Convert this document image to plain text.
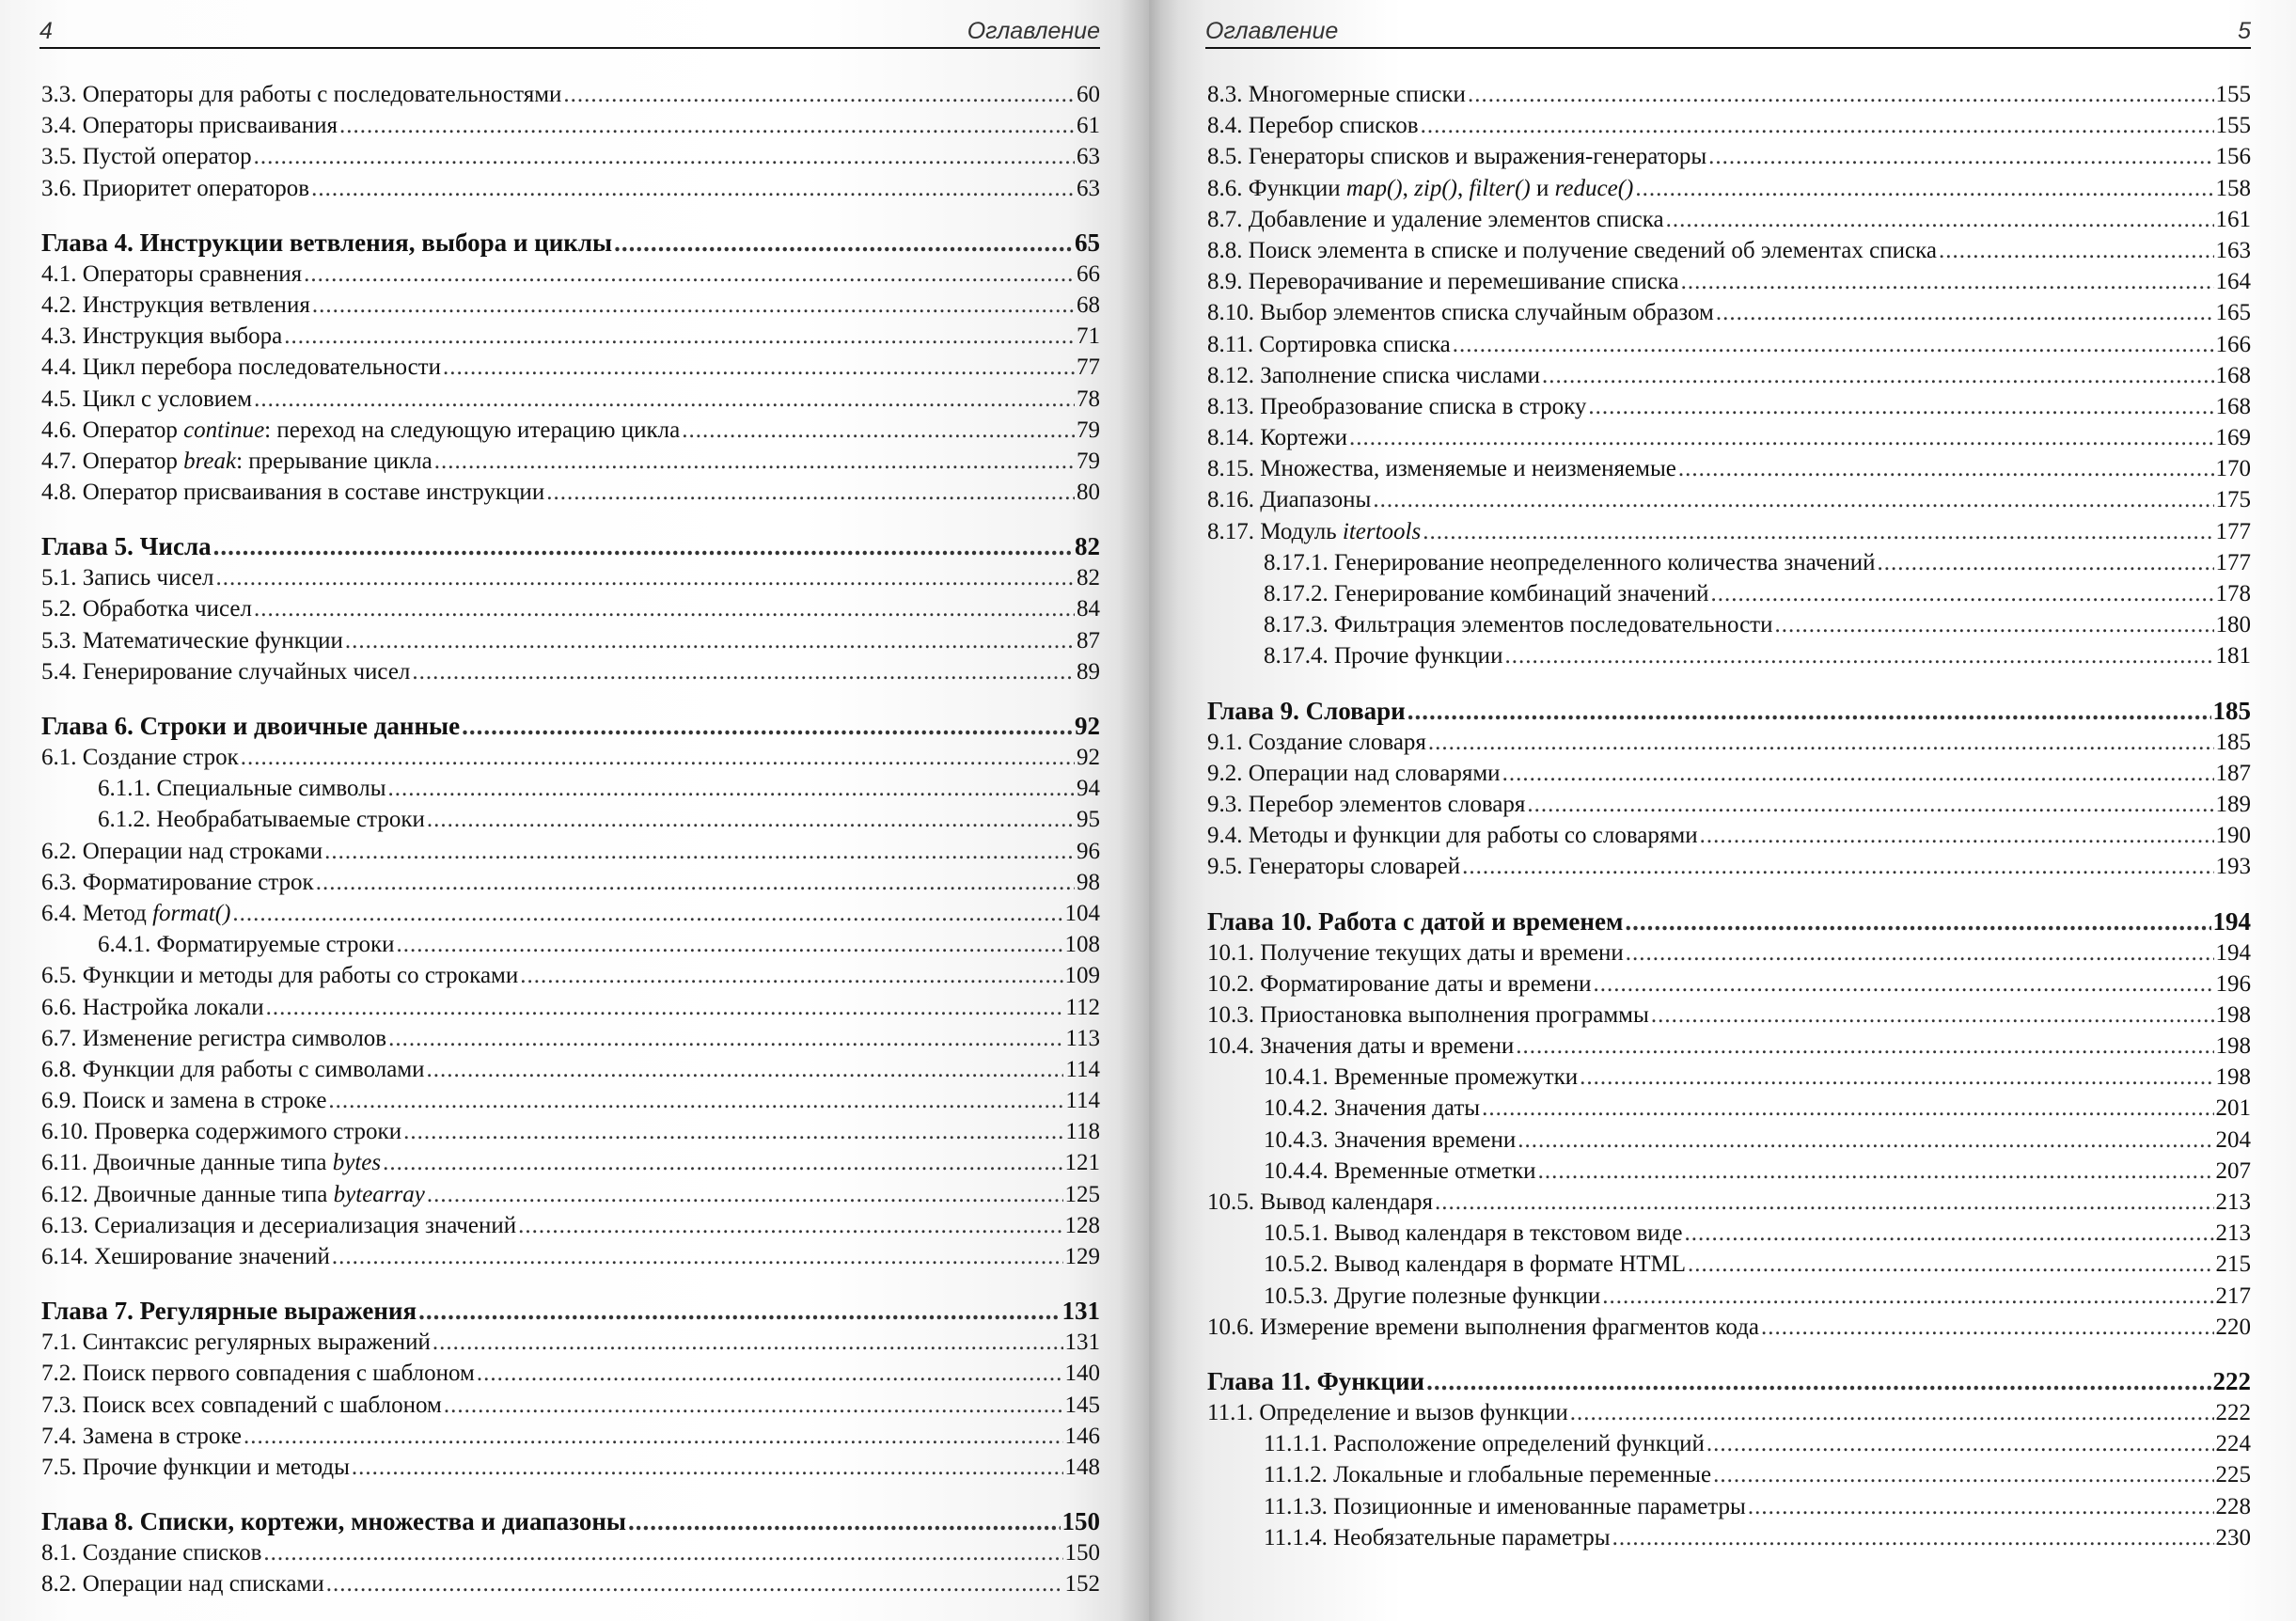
4	Оглавление
3.3. Операторы для работы с последовательностями .....	60
3.4. Операторы присваивания .....	61
3.5. Пустой оператор .....	63
3.6. Приоритет операторов .....	63
Глава 4. Инструкции ветвления, выбора и циклы .....	65
4.1. Операторы сравнения .....	66
4.2. Инструкция ветвления .....	68
4.3. Инструкция выбора .....	71
4.4. Цикл перебора последовательности .....	77
4.5. Цикл с условием .....	78
4.6. Оператор continue: переход на следующую итерацию цикла .....	79
4.7. Оператор break: прерывание цикла .....	79
4.8. Оператор присваивания в составе инструкции .....	80
Глава 5. Числа .....	82
5.1. Запись чисел .....	82
5.2. Обработка чисел .....	84
5.3. Математические функции .....	87
5.4. Генерирование случайных чисел .....	89
Глава 6. Строки и двоичные данные .....	92
6.1. Создание строк .....	92
6.1.1. Специальные символы .....	94
6.1.2. Необрабатываемые строки .....	95
6.2. Операции над строками .....	96
6.3. Форматирование строк .....	98
6.4. Метод format() .....	104
6.4.1. Форматируемые строки .....	108
6.5. Функции и методы для работы со строками .....	109
6.6. Настройка локали .....	112
6.7. Изменение регистра символов .....	113
6.8. Функции для работы с символами .....	114
6.9. Поиск и замена в строке .....	114
6.10. Проверка содержимого строки .....	118
6.11. Двоичные данные типа bytes .....	121
6.12. Двоичные данные типа bytearray .....	125
6.13. Сериализация и десериализация значений .....	128
6.14. Хеширование значений .....	129
Глава 7. Регулярные выражения .....	131
7.1. Синтаксис регулярных выражений .....	131
7.2. Поиск первого совпадения с шаблоном .....	140
7.3. Поиск всех совпадений с шаблоном .....	145
7.4. Замена в строке .....	146
7.5. Прочие функции и методы .....	148
Глава 8. Списки, кортежи, множества и диапазоны .....	150
8.1. Создание списков .....	150
8.2. Операции над списками .....	152
Оглавление	5
8.3. Многомерные списки .....	155
8.4. Перебор списков .....	155
8.5. Генераторы списков и выражения-генераторы .....	156
8.6. Функции map(), zip(), filter() и reduce() .....	158
8.7. Добавление и удаление элементов списка .....	161
8.8. Поиск элемента в списке и получение сведений об элементах списка .....	163
8.9. Переворачивание и перемешивание списка .....	164
8.10. Выбор элементов списка случайным образом .....	165
8.11. Сортировка списка .....	166
8.12. Заполнение списка числами .....	168
8.13. Преобразование списка в строку .....	168
8.14. Кортежи .....	169
8.15. Множества, изменяемые и неизменяемые .....	170
8.16. Диапазоны .....	175
8.17. Модуль itertools .....	177
8.17.1. Генерирование неопределенного количества значений .....	177
8.17.2. Генерирование комбинаций значений .....	178
8.17.3. Фильтрация элементов последовательности .....	180
8.17.4. Прочие функции .....	181
Глава 9. Словари .....	185
9.1. Создание словаря .....	185
9.2. Операции над словарями .....	187
9.3. Перебор элементов словаря .....	189
9.4. Методы и функции для работы со словарями .....	190
9.5. Генераторы словарей .....	193
Глава 10. Работа с датой и временем .....	194
10.1. Получение текущих даты и времени .....	194
10.2. Форматирование даты и времени .....	196
10.3. Приостановка выполнения программы .....	198
10.4. Значения даты и времени .....	198
10.4.1. Временные промежутки .....	198
10.4.2. Значения даты .....	201
10.4.3. Значения времени .....	204
10.4.4. Временные отметки .....	207
10.5. Вывод календаря .....	213
10.5.1. Вывод календаря в текстовом виде .....	213
10.5.2. Вывод календаря в формате HTML .....	215
10.5.3. Другие полезные функции .....	217
10.6. Измерение времени выполнения фрагментов кода .....	220
Глава 11. Функции .....	222
11.1. Определение и вызов функции .....	222
11.1.1. Расположение определений функций .....	224
11.1.2. Локальные и глобальные переменные .....	225
11.1.3. Позиционные и именованные параметры .....	228
11.1.4. Необязательные параметры .....	230
